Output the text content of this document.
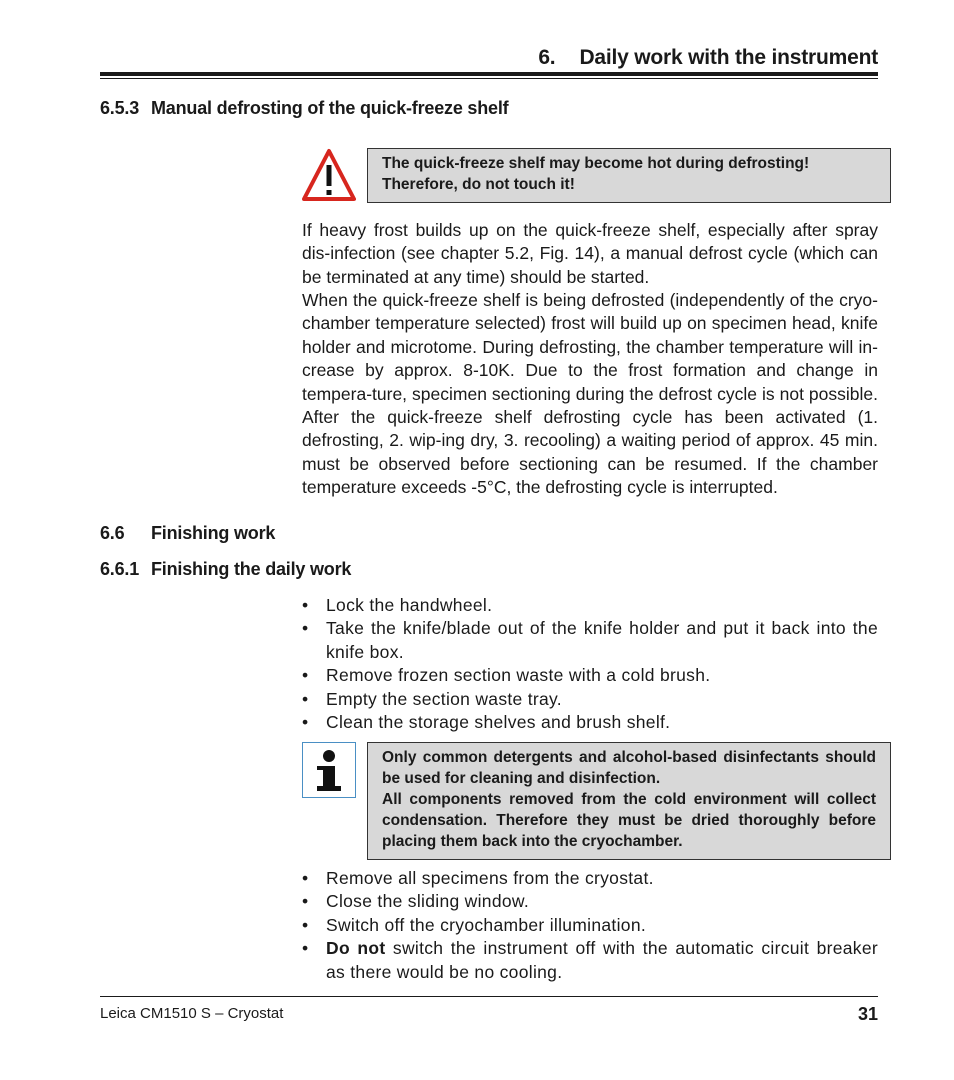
6. Daily work with the instrument
6.5.3 Manual defrosting of the quick-freeze shelf
The quick-freeze shelf may become hot during defrosting!
Therefore, do not touch it!
If heavy frost builds up on the quick-freeze shelf, especially after spray dis-infection (see chapter 5.2, Fig. 14), a manual defrost cycle (which can be terminated at any time) should be started.
When the quick-freeze shelf is being defrosted (independently of the cryo-chamber temperature selected) frost will build up on specimen head, knife holder and microtome. During defrosting, the chamber temperature will in-crease by approx. 8-10K. Due to the frost formation and change in tempera-ture, specimen sectioning during the defrost cycle is not possible. After the quick-freeze shelf defrosting cycle has been activated (1. defrosting, 2. wip-ing dry, 3. recooling) a waiting period of approx. 45 min. must be observed before sectioning can be resumed. If the chamber temperature exceeds -5°C, the defrosting cycle is interrupted.
6.6 Finishing work
6.6.1 Finishing the daily work
• Lock the handwheel.
• Take the knife/blade out of the knife holder and put it back into the knife box.
• Remove frozen section waste with a cold brush.
• Empty the section waste tray.
• Clean the storage shelves and brush shelf.
Only common detergents and alcohol-based disinfectants should be used for cleaning and disinfection.
All components removed from the cold environment will collect condensation. Therefore they must be dried thoroughly before placing them back into the cryochamber.
• Remove all specimens from the cryostat.
• Close the sliding window.
• Switch off the cryochamber illumination.
• Do not switch the instrument off with the automatic circuit breaker as there would be no cooling.
Leica CM1510 S – Cryostat	31
